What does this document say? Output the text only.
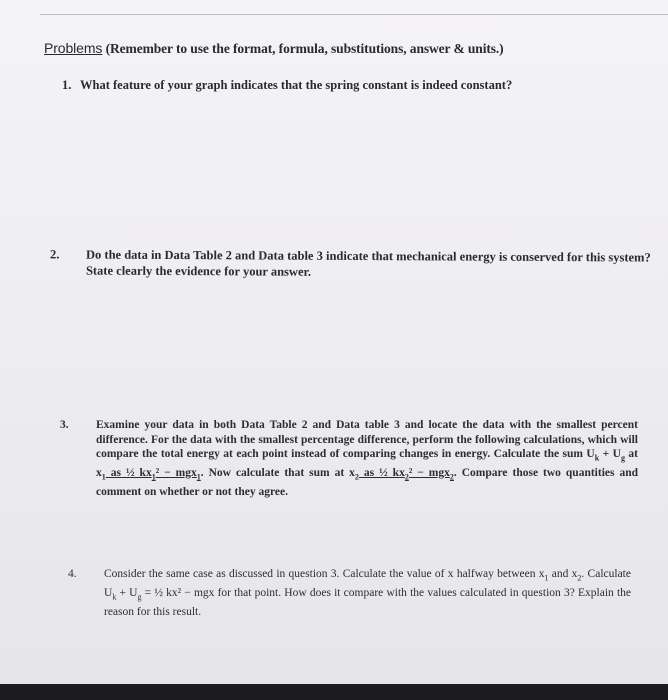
Problems (Remember to use the format, formula, substitutions, answer & units.)
1. What feature of your graph indicates that the spring constant is indeed constant?
2. Do the data in Data Table 2 and Data table 3 indicate that mechanical energy is conserved for this system? State clearly the evidence for your answer.
3. Examine your data in both Data Table 2 and Data table 3 and locate the data with the smallest percent difference. For the data with the smallest percentage difference, perform the following calculations, which will compare the total energy at each point instead of comparing changes in energy. Calculate the sum $U_k + U_g$ at $x_1$ as ½ $kx_1^2 - mgx_1$. Now calculate that sum at $x_2$ as ½ $kx_2^2 - mgx_2$. Compare those two quantities and comment on whether or not they agree.
4. Consider the same case as discussed in question 3. Calculate the value of x halfway between $x_1$ and $x_2$. Calculate $U_k + U_g$ = ½ kx² − mgx for that point. How does it compare with the values calculated in question 3? Explain the reason for this result.
